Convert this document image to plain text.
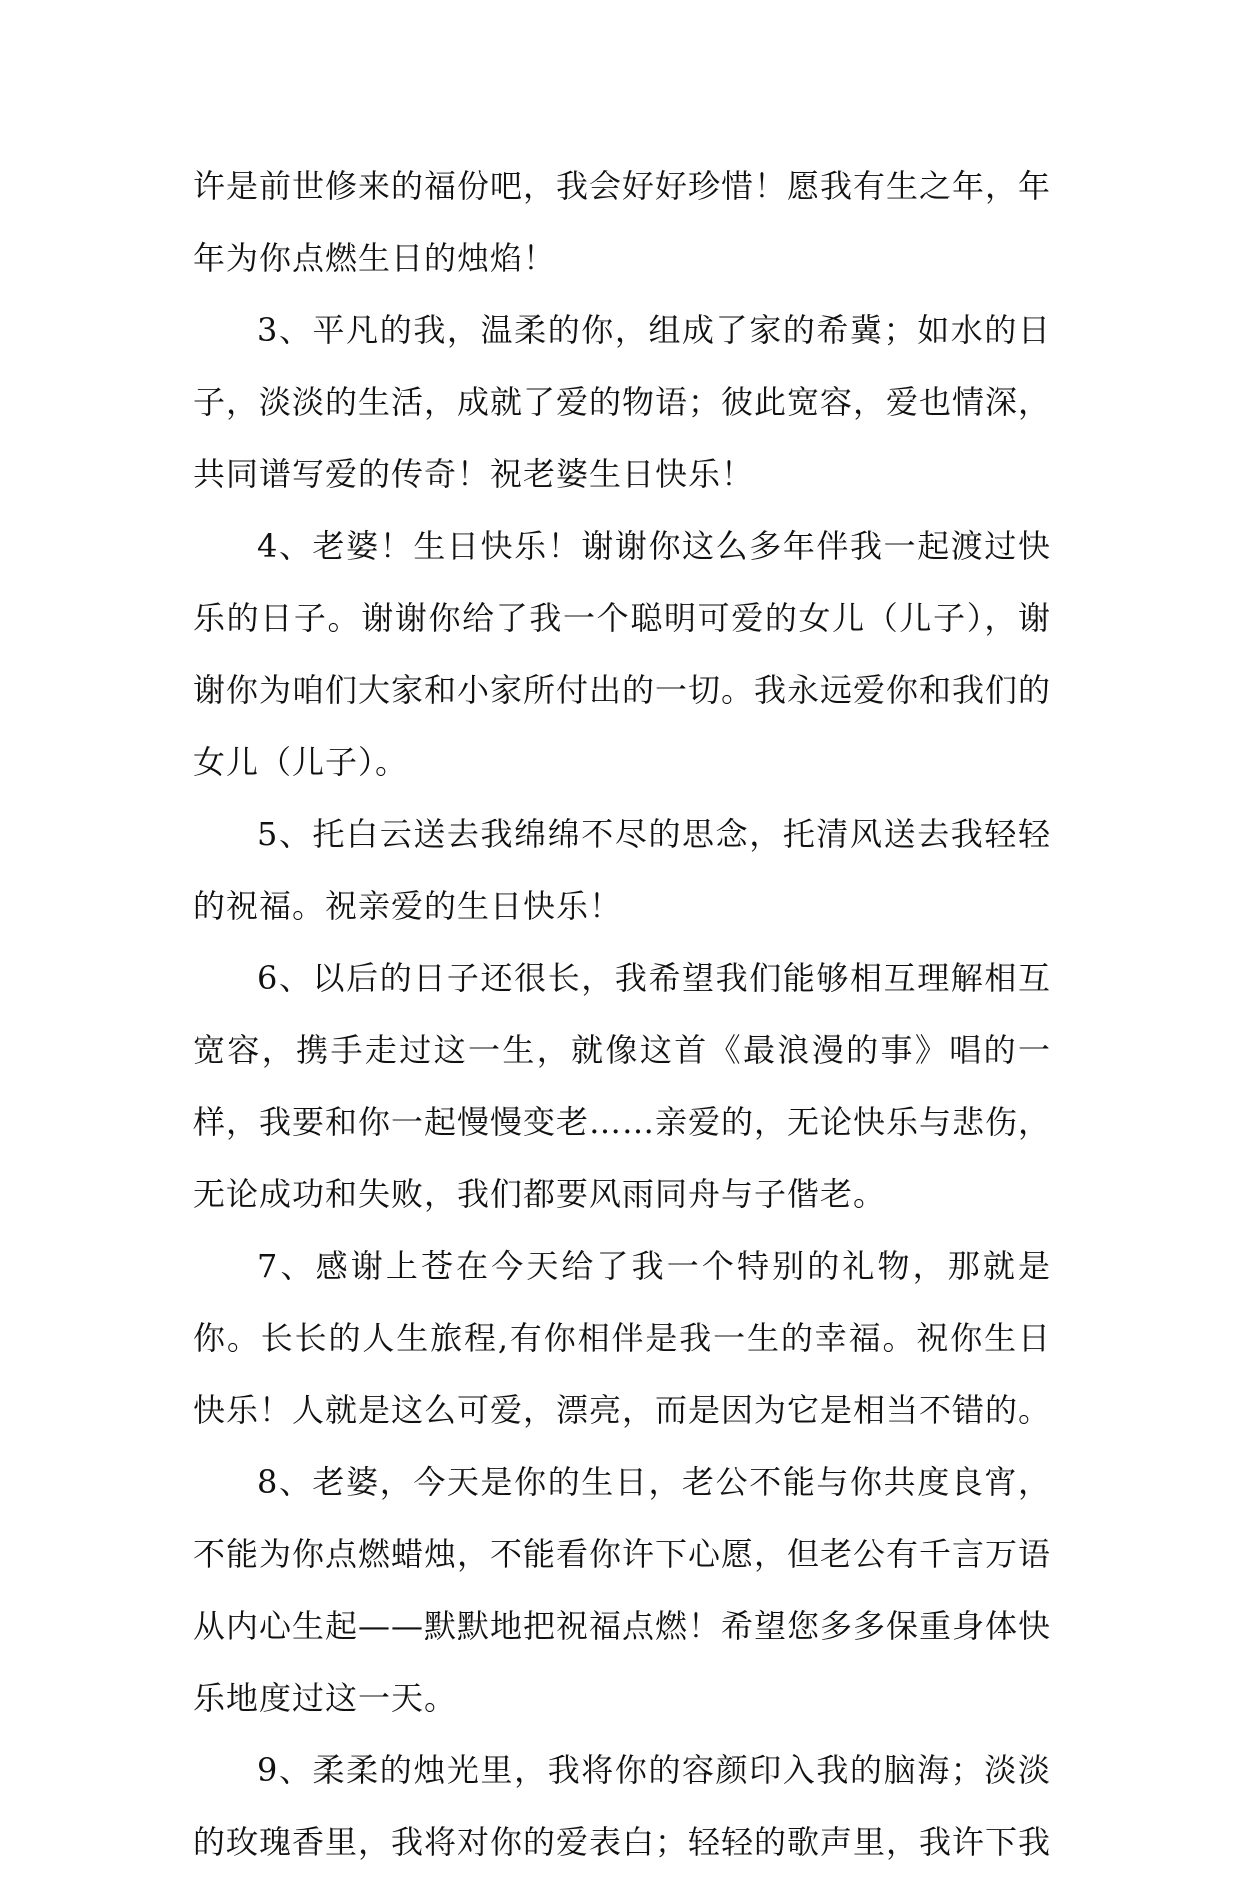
许是前世修来的福份吧，我会好好珍惜！愿我有生之年，年年为你点燃生日的烛焰！

3、平凡的我，温柔的你，组成了家的希冀；如水的日子，淡淡的生活，成就了爱的物语；彼此宽容，爱也情深，共同谱写爱的传奇！祝老婆生日快乐！

4、老婆！生日快乐！谢谢你这么多年伴我一起渡过快乐的日子。谢谢你给了我一个聪明可爱的女儿（儿子），谢谢你为咱们大家和小家所付出的一切。我永远爱你和我们的女儿（儿子）。

5、托白云送去我绵绵不尽的思念，托清风送去我轻轻的祝福。祝亲爱的生日快乐！

6、以后的日子还很长，我希望我们能够相互理解相互宽容，携手走过这一生，就像这首《最浪漫的事》唱的一样，我要和你一起慢慢变老……亲爱的，无论快乐与悲伤，无论成功和失败，我们都要风雨同舟与子偕老。

7、感谢上苍在今天给了我一个特别的礼物，那就是你。长长的人生旅程,有你相伴是我一生的幸福。祝你生日快乐！人就是这么可爱，漂亮，而是因为它是相当不错的。

8、老婆，今天是你的生日，老公不能与你共度良宵，不能为你点燃蜡烛，不能看你许下心愿，但老公有千言万语从内心生起——默默地把祝福点燃！希望您多多保重身体快乐地度过这一天。

9、柔柔的烛光里，我将你的容颜印入我的脑海；淡淡的玫瑰香里，我将对你的爱表白；轻轻的歌声里，我许下我
